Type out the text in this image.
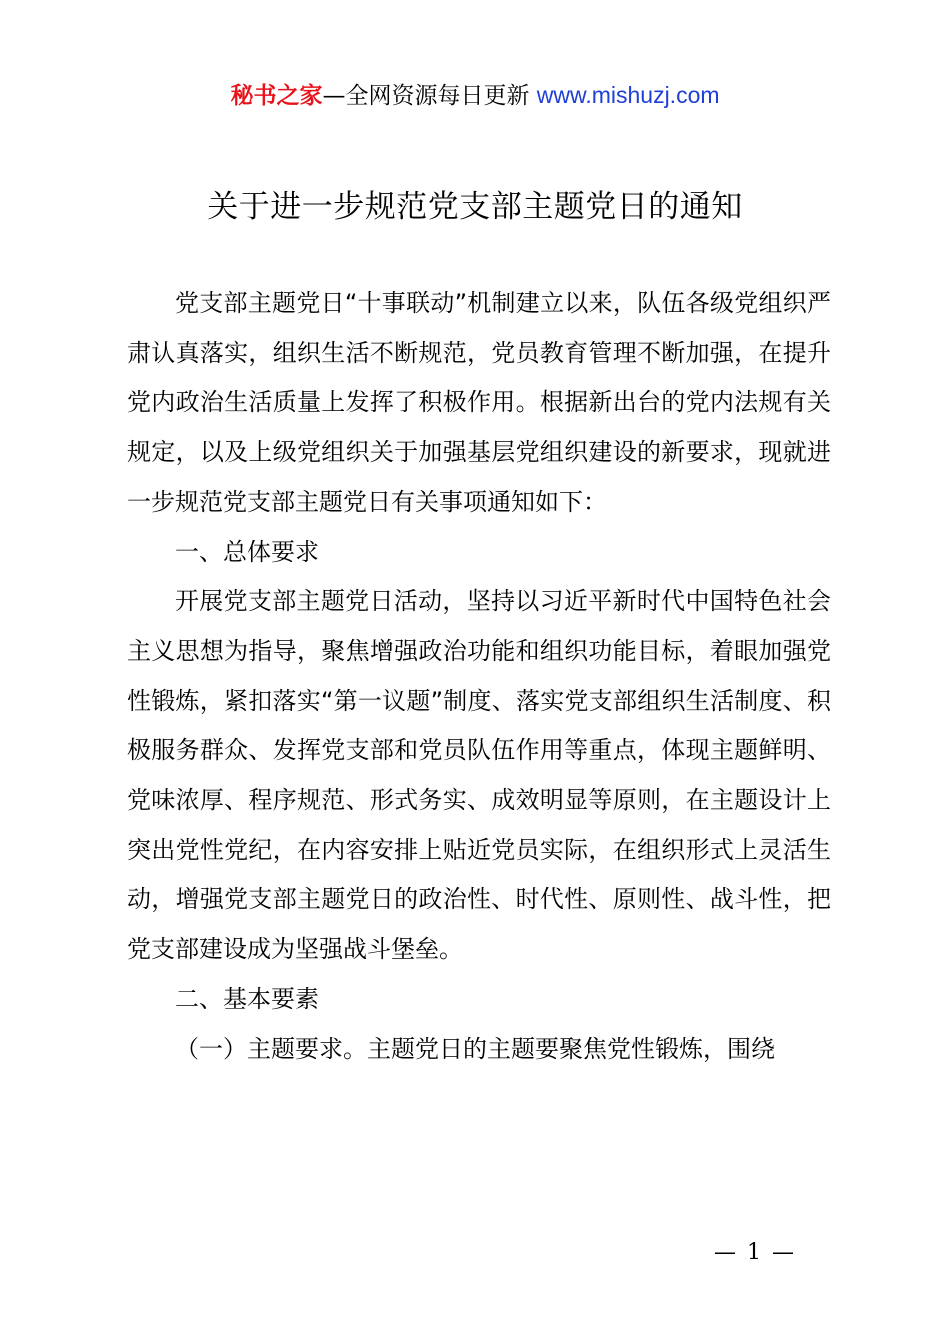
秘书之家—全网资源每日更新 www.mishuzj.com
关于进一步规范党支部主题党日的通知

党支部主题党日“十事联动”机制建立以来，队伍各级党组织严肃认真落实，组织生活不断规范，党员教育管理不断加强，在提升党内政治生活质量上发挥了积极作用。根据新出台的党内法规有关规定，以及上级党组织关于加强基层党组织建设的新要求，现就进一步规范党支部主题党日有关事项通知如下：

一、总体要求

开展党支部主题党日活动，坚持以习近平新时代中国特色社会主义思想为指导，聚焦增强政治功能和组织功能目标，着眼加强党性锻炼，紧扣落实“第一议题”制度、落实党支部组织生活制度、积极服务群众、发挥党支部和党员队伍作用等重点，体现主题鲜明、党味浓厚、程序规范、形式务实、成效明显等原则，在主题设计上突出党性党纪，在内容安排上贴近党员实际，在组织形式上灵活生动，增强党支部主题党日的政治性、时代性、原则性、战斗性，把党支部建设成为坚强战斗堡垒。

二、基本要素

（一）主题要求。主题党日的主题要聚焦党性锻炼，围绕

— 1 —
